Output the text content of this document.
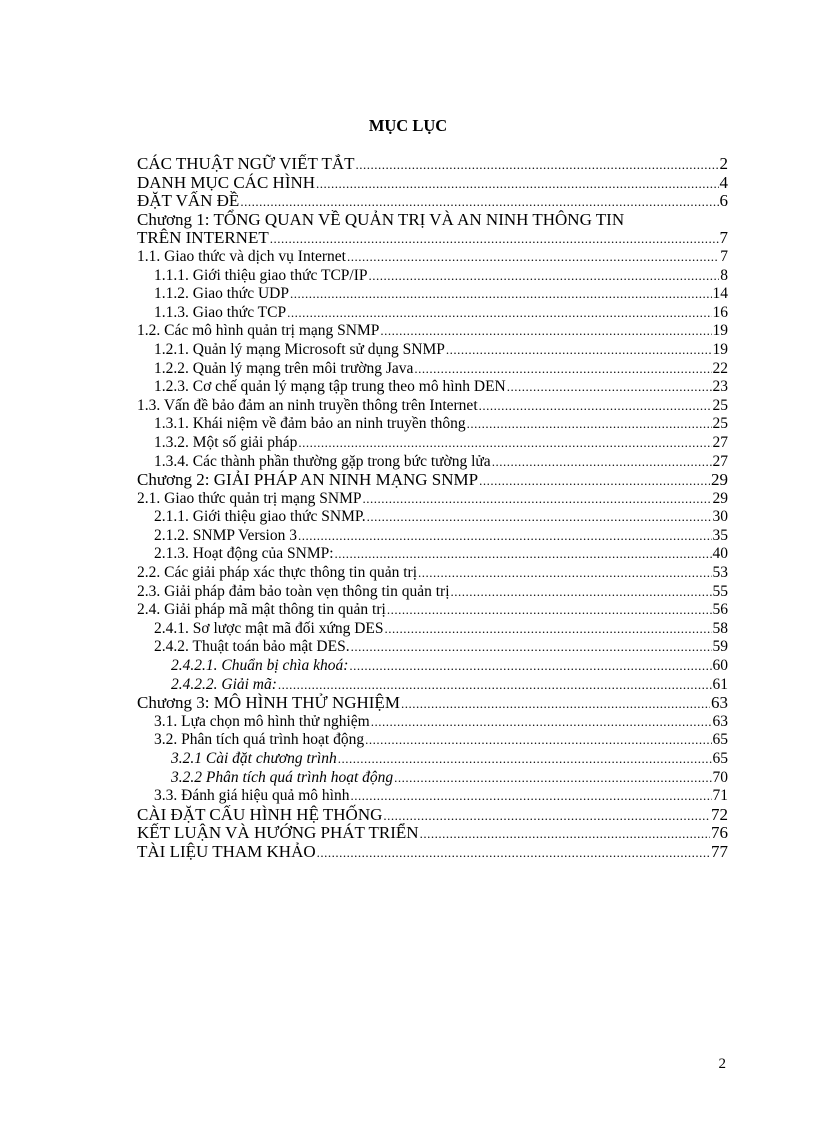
MỤC LỤC
CÁC THUẬT NGỮ VIẾT TẮT .....	2
DANH MỤC CÁC HÌNH .....	4
ĐẶT VẤN ĐỀ .....	6
Chương 1: TỔNG QUAN VỀ QUẢN TRỊ VÀ AN NINH THÔNG TIN
TRÊN INTERNET .....	7
1.1. Giao thức và dịch vụ Internet .....	7
1.1.1. Giới thiệu giao thức TCP/IP .....	8
1.1.2. Giao thức UDP .....	14
1.1.3. Giao thức TCP .....	16
1.2. Các mô hình quản trị mạng SNMP .....	19
1.2.1. Quản lý mạng Microsoft sử dụng SNMP .....	19
1.2.2. Quản lý mạng trên môi trường Java .....	22
1.2.3. Cơ chế quản lý mạng tập trung theo mô hình DEN .....	23
1.3. Vấn đề bảo đảm an ninh truyền thông trên Internet .....	25
1.3.1. Khái niệm về đảm bảo an ninh truyền thông .....	25
1.3.2. Một số giải pháp .....	27
1.3.4. Các thành phần thường gặp trong bức tường lửa .....	27
Chương 2: GIẢI PHÁP AN NINH MẠNG SNMP .....	29
2.1. Giao thức quản trị mạng SNMP .....	29
2.1.1. Giới thiệu giao thức SNMP. .....	30
2.1.2. SNMP Version 3 .....	35
2.1.3. Hoạt động của SNMP: .....	40
2.2. Các giải pháp xác thực thông tin quản trị .....	53
2.3. Giải pháp đảm bảo toàn vẹn thông tin quản trị .....	55
2.4. Giải pháp mã mật thông tin quản trị .....	56
2.4.1. Sơ lược mật mã đối xứng DES .....	58
2.4.2. Thuật toán bảo mật DES. .....	59
2.4.2.1. Chuẩn bị chìa khoá: .....	60
2.4.2.2. Giải mã: .....	61
Chương 3: MÔ HÌNH THỬ NGHIỆM .....	63
3.1. Lựa chọn mô hình thử nghiệm .....	63
3.2. Phân tích quá trình hoạt động .....	65
3.2.1 Cài đặt chương trình .....	65
3.2.2 Phân tích quá trình hoạt động .....	70
3.3. Đánh giá hiệu quả mô hình .....	71
CÀI ĐẶT CẤU HÌNH HỆ THỐNG .....	72
KẾT LUẬN VÀ HƯỚNG PHÁT TRIỂN .....	76
TÀI LIỆU THAM KHẢO .....	77
2
